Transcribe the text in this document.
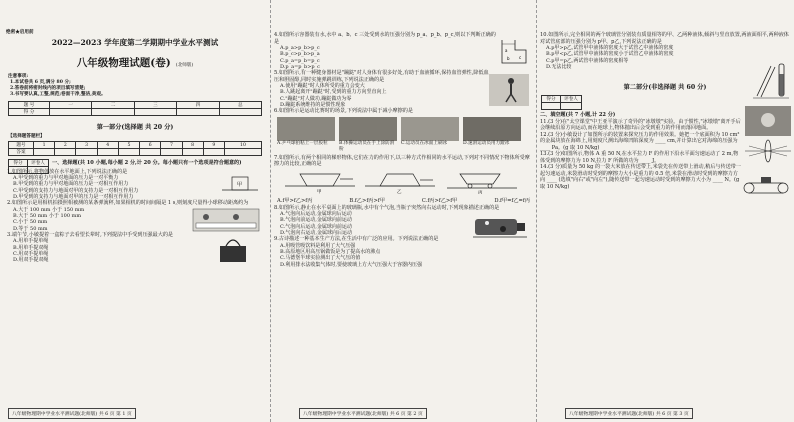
绝密★启用前
2022—2023 学年度第二学期期中学业水平测试
八年级物理试题(卷) (北师版)
注意事项:
1.本试卷共 6 页,满分 80 分;
2.答卷前将密封线内的项目填写清楚;
3.书写要认真,工整,规范;卷面干净,整洁,美观。
题 号	一	二	三	四	总
得 分					
第一部分(选择题 共 20 分)
【选择题答题栏】
题号	1	2	3	4	5	6	7	8	9	10
答案										
得分	评卷人
	一、选择题(共 10 小题,每小题 2 分,计 20 分。每小题只有一个选项是符合题意的)
1.如图所示,将物体放在水平地面上,下列说法正确的是
甲
A.甲受到的重力与甲对地面的压力是一对平衡力
B.甲受到的重力与甲对地面的压力是一对相互作用力
C.甲受到的支持力与地面对甲的支持力是一对相互作用力
D.甲受到的支持力与地面对甲的压力是一对相互作用力
2.如图所示是用相机拍摄照相被测的某条弹簧秤,如果相机的时间间隔是 1 s,则刻度尺量得小球移动距离约为
A.大于 100 mm 小于 150 mm
B.大于 50 mm 小于 100 mm
C.小于 50 mm
D.等于 50 mm
3.端午节,小敏提着一盒粽子去看望长辈时,下列提法中手受到压强最大的是
A.用单手提单绳
B.用单手提双绳
C.用双手提单绳
D.用双手提双绳
八年级物理期中学业水平测试题(北师版) 共 6 页 第 1 页
a
b c
4.如图所示容器装有水,水中 a、b、c 三处受到水的压强分别为 p_a、p_b、p_c,则以下判断正确的是
A.p_a>p_b>p_c
B.p_c>p_b>p_a
C.p_a=p_b=p_c
D.p_a=p_b>p_c
5.如图所示,有一种健身器材是"蹦跶"对人身体有很多好处,有助于血液循环,保持血管弹性,降低血压和胆固醇,同时实施弹跳训练,下列说法正确的是
A.使用"蹦跶"时人体所受的重力会变大
B.人跳起离开"蹦跶"时,受到的重力方向竖直向上
C."蹦跶"对人做功,蹦跶做功为零
D.蹦跶系统维持的是惯性现象
6.如图所示是运动比赛时的场景,下列说法中属于减小摩擦的是
A.乒乓球拍粘上一层胶粒	B.体操运动员在手上涂防滑粉
C.运动员在冰面上刷冰	D.速滑运动员用力蹬冰
7.如图所示,有两个相同的梯形物体,它们在力的作用下,以三种方式作相同的水平运动,下列对不同情况下物体所受摩擦力的比较,正确的是
甲	乙	丙
A.f甲>f乙>f丙	B.f乙>f丙>f甲	C.f丙>f乙>f甲	D.f甲=f乙=f丙
8.如图所示,静止在水平桌面上的玻璃瓶,水中有个气泡,当瓶子突然向右运动时,下列现象描述正确的是
A.气泡向后运动,金属球向后运动
B.气泡向前运动,金属球向前运动
C.气泡向后运动,金属球向前运动
D.气泡向右运动,金属球向后运动
9.古诗描述一种基本生产方法,在生活中有广泛的应用。下列说法正确的是
A.用吸管吸饮料是利用了大气压强
B.高原地区用高压锅做饭是为了提高水的沸点
C.马德堡半球实验测出了大气压的值
D.利用排水法收集气体时,要使玻璃上方大气压强大于容器内压强
八年级物理期中学业水平测试题(北师版) 共 6 页 第 2 页
10.如图所示,完全相同的两个玻璃管分别装有质量相等的甲、乙两种液体,倾斜与竖直放置,两液面相平,两种液体对试管底部的压强分别为 p甲、p乙,下列说法正确的是
A.p甲>p乙,试管甲中液体的密度大于试管乙中液体的密度
B.p甲<p乙,试管甲中液体的密度小于试管乙中液体的密度
C.p甲=p乙,两试管中液体的密度相等
D.无法比较
第二部分(非选择题 共 60 分)
得分	评卷人

二、填空题(共 7 小题,计 22 分)
11.(3 分)在"太空课堂"中王亚平演示了奇异的"冰墩墩"实验。由于惯性,"冰墩墩"离开手后会继续沿原方向运动,而在地球上,物体抛出后会受到重力的作用而落回地面。
12.(3 分)小敏设计了如图所示的装置来探究压力的作用效果。她把一个底面积为 10 cm² 的金属块放在海绵上,用刻度尺测出海绵凹陷深度为 ____ cm,并计算出它对海绵的压强为 ____ Pa。(g 取 10 N/kg)
13.(3 分)如图所示,物体 A 重 50 N,在水平拉力 F 的作用下沿水平面匀速运动了 2 m,物体受到的摩擦力为 10 N,拉力 F 所做的功为 ____ J。
14.(3 分)质量为 50 kg 的一袋大米放在传送带上,米袋先在传送带上滑动,稍后与传送带一起匀速运动,米袋滑动时受到的摩擦力大小是重力的 0.5 倍,米袋在滑动时受到的摩擦力方向 ____ (选填"向右"或"向左"),随传送带一起匀速运动时受到的摩擦力大小为 ____ N。(g 取 10 N/kg)
八年级物理期中学业水平测试题(北师版) 共 6 页 第 3 页
